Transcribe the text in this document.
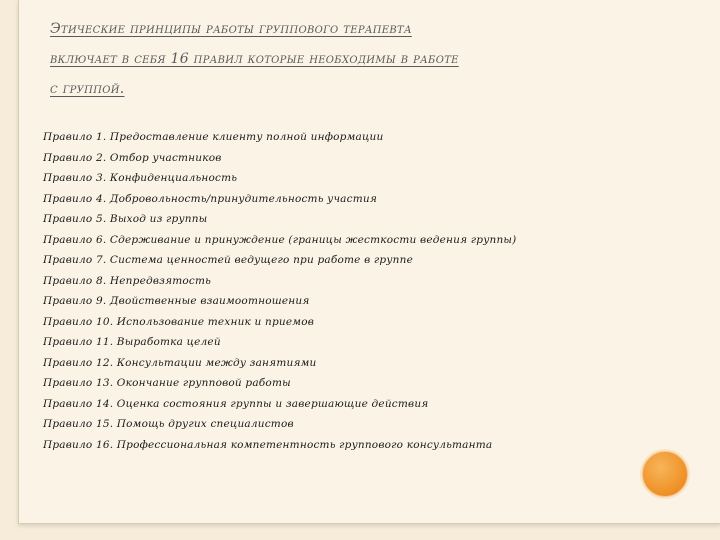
Этические принципы работы группового терапевта
включает в себя 16 правил которые необходимы в работе
с группой.
Правило 1. Предоставление клиенту полной информации
Правило 2. Отбор участников
Правило 3. Конфиденциальность
Правило 4. Добровольность/принудительность участия
Правило 5. Выход из группы
Правило 6. Сдерживание и принуждение (границы жесткости ведения группы)
Правило 7. Система ценностей ведущего при работе в группе
Правило 8. Непредвзятость
Правило 9. Двойственные взаимоотношения
Правило 10. Использование техник и приемов
Правило 11. Выработка целей
Правило 12. Консультации между занятиями
Правило 13. Окончание групповой работы
Правило 14. Оценка состояния группы и завершающие действия
Правило 15. Помощь других специалистов
Правило 16. Профессиональная компетентность группового консультанта
